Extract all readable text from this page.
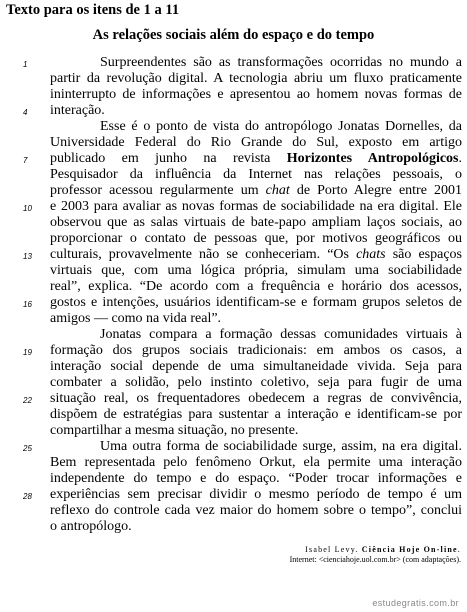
Texto para os itens de 1 a 11
As relações sociais além do espaço e do tempo
1	Surpreendentes são as transformações ocorridas no mundo a
partir da revolução digital. A tecnologia abriu um fluxo praticamente
ininterrupto de informações e apresentou ao homem novas formas de
4 interação.
Esse é o ponto de vista do antropólogo Jonatas Dornelles, da
Universidade Federal do Rio Grande do Sul, exposto em artigo
7 publicado em junho na revista Horizontes Antropológicos.
Pesquisador da influência da Internet nas relações pessoais, o
professor acessou regularmente um chat de Porto Alegre entre 2001
10 e 2003 para avaliar as novas formas de sociabilidade na era digital. Ele
observou que as salas virtuais de bate-papo ampliam laços sociais, ao
proporcionar o contato de pessoas que, por motivos geográficos ou
13 culturais, provavelmente não se conheceriam. “Os chats são espaços
virtuais que, com uma lógica própria, simulam uma sociabilidade
real”, explica. “De acordo com a frequência e horário dos acessos,
16 gostos e intenções, usuários identificam-se e formam grupos seletos de
amigos — como na vida real”.
Jonatas compara a formação dessas comunidades virtuais à
19 formação dos grupos sociais tradicionais: em ambos os casos, a
interação social depende de uma simultaneidade vivida. Seja para
combater a solidão, pelo instinto coletivo, seja para fugir de uma
22 situação real, os frequentadores obedecem a regras de convivência,
dispõem de estratégias para sustentar a interação e identificam-se por
compartilhar a mesma situação, no presente.
25	Uma outra forma de sociabilidade surge, assim, na era digital.
Bem representada pelo fenômeno Orkut, ela permite uma interação
independente do tempo e do espaço. “Poder trocar informações e
28 experiências sem precisar dividir o mesmo período de tempo é um
reflexo do controle cada vez maior do homem sobre o tempo”, conclui
o antropólogo.
Isabel Levy. Ciência Hoje On-line.
Internet: <cienciahoje.uol.com.br> (com adaptações).
estudegratis.com.br
